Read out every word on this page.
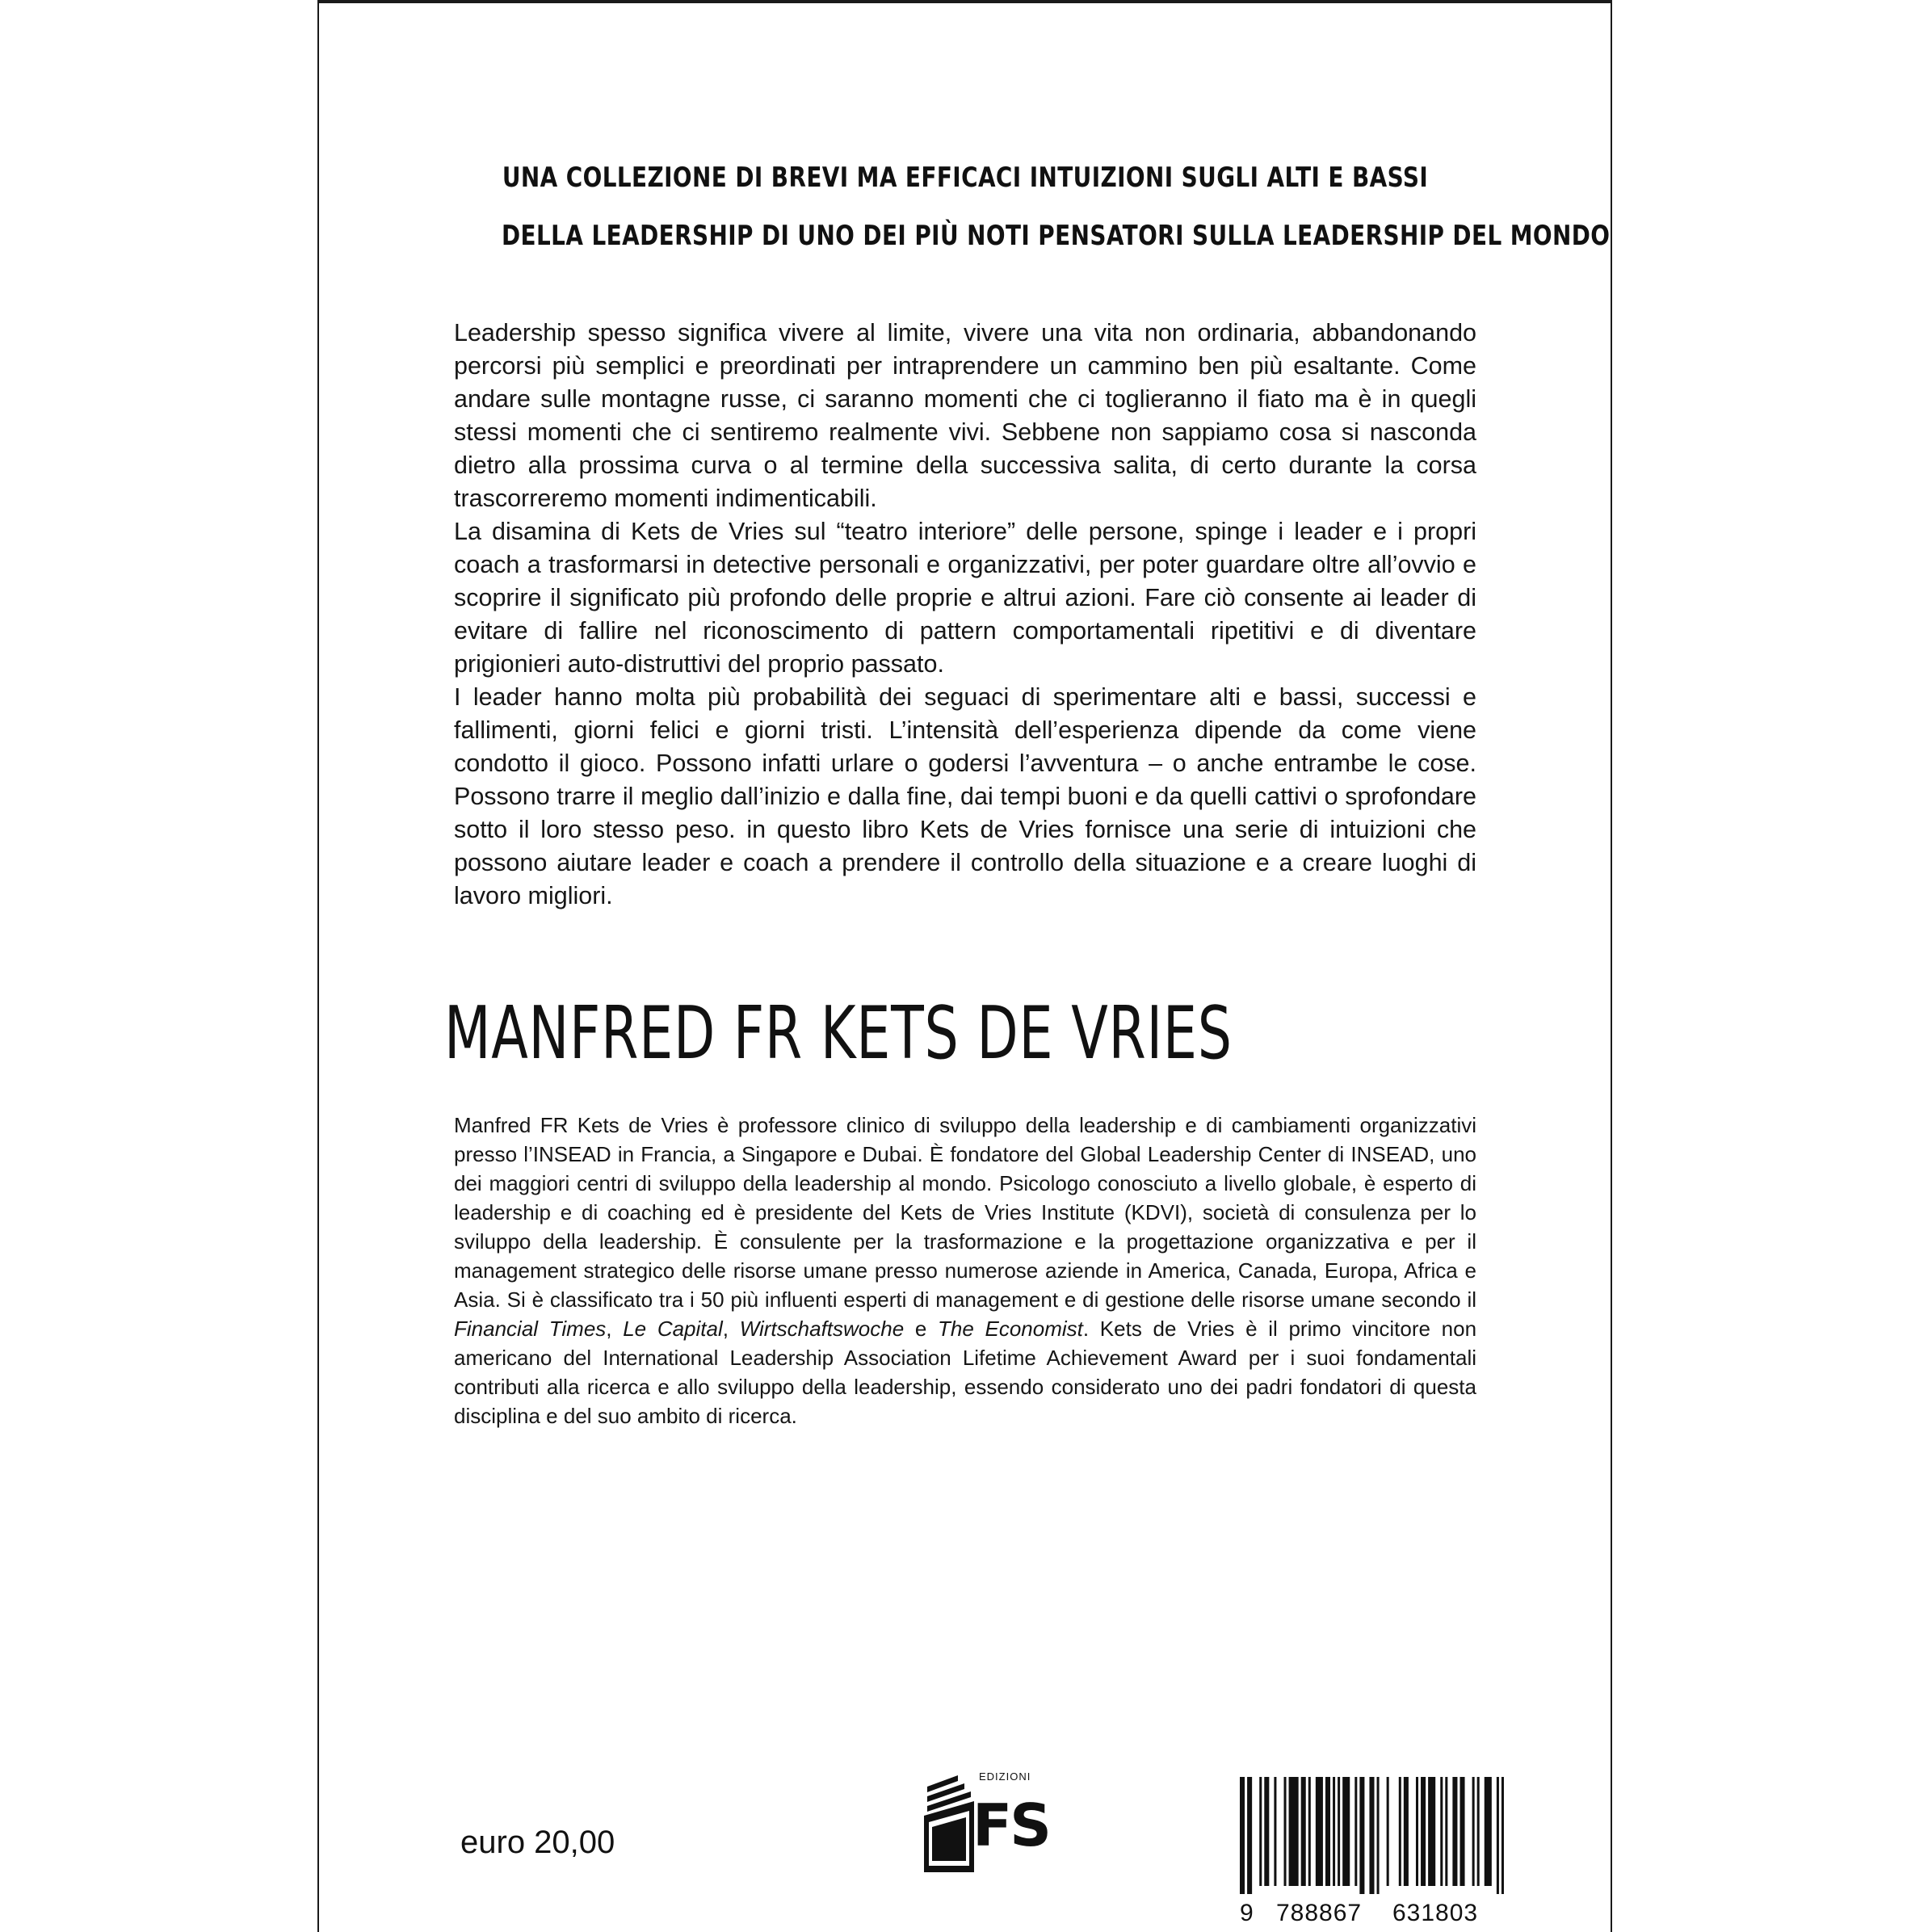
UNA COLLEZIONE DI BREVI MA EFFICACI INTUIZIONI SUGLI ALTI E BASSI
DELLA LEADERSHIP DI UNO DEI PIÙ NOTI PENSATORI SULLA LEADERSHIP DEL MONDO

Leadership spesso significa vivere al limite, vivere una vita non ordinaria, abbandonando percorsi più semplici e preordinati per intraprendere un cammino ben più esaltante. Come andare sulle montagne russe, ci saranno momenti che ci toglieranno il fiato ma è in quegli stessi momenti che ci sentiremo realmente vivi. Sebbene non sappiamo cosa si nasconda dietro alla prossima curva o al termine della successiva salita, di certo durante la corsa trascorreremo momenti indimenticabili.

La disamina di Kets de Vries sul “teatro interiore” delle persone, spinge i leader e i propri coach a trasformarsi in detective personali e organizzativi, per poter guardare oltre all’ovvio e scoprire il significato più profondo delle proprie e altrui azioni. Fare ciò consente ai leader di evitare di fallire nel riconoscimento di pattern comportamentali ripetitivi e di diventare prigionieri auto-distruttivi del proprio passato.

I leader hanno molta più probabilità dei seguaci di sperimentare alti e bassi, successi e fallimenti, giorni felici e giorni tristi. L’intensità dell’esperienza dipende da come viene condotto il gioco. Possono infatti urlare o godersi l’avventura – o anche entrambe le cose. Possono trarre il meglio dall’inizio e dalla fine, dai tempi buoni e da quelli cattivi o sprofondare sotto il loro stesso peso. in questo libro Kets de Vries fornisce una serie di intuizioni che possono aiutare leader e coach a prendere il controllo della situazione e a creare luoghi di lavoro migliori.

MANFRED FR KETS DE VRIES

Manfred FR Kets de Vries è professore clinico di sviluppo della leadership e di cambiamenti organizzativi presso l’INSEAD in Francia, a Singapore e Dubai. È fondatore del Global Leadership Center di INSEAD, uno dei maggiori centri di sviluppo della leadership al mondo. Psicologo conosciuto a livello globale, è esperto di leadership e di coaching ed è presidente del Kets de Vries Institute (KDVI), società di consulenza per lo sviluppo della leadership. È consulente per la trasformazione e la progettazione organizzativa e per il management strategico delle risorse umane presso numerose aziende in America, Canada, Europa, Africa e Asia. Si è classificato tra i 50 più influenti esperti di management e di gestione delle risorse umane secondo il Financial Times, Le Capital, Wirtschaftswoche e The Economist. Kets de Vries è il primo vincitore non americano del International Leadership Association Lifetime Achievement Award per i suoi fondamentali contributi alla ricerca e allo sviluppo della leadership, essendo considerato uno dei padri fondatori di questa disciplina e del suo ambito di ricerca.

euro 20,00
EDIZIONI
FS
9 788867 631803
